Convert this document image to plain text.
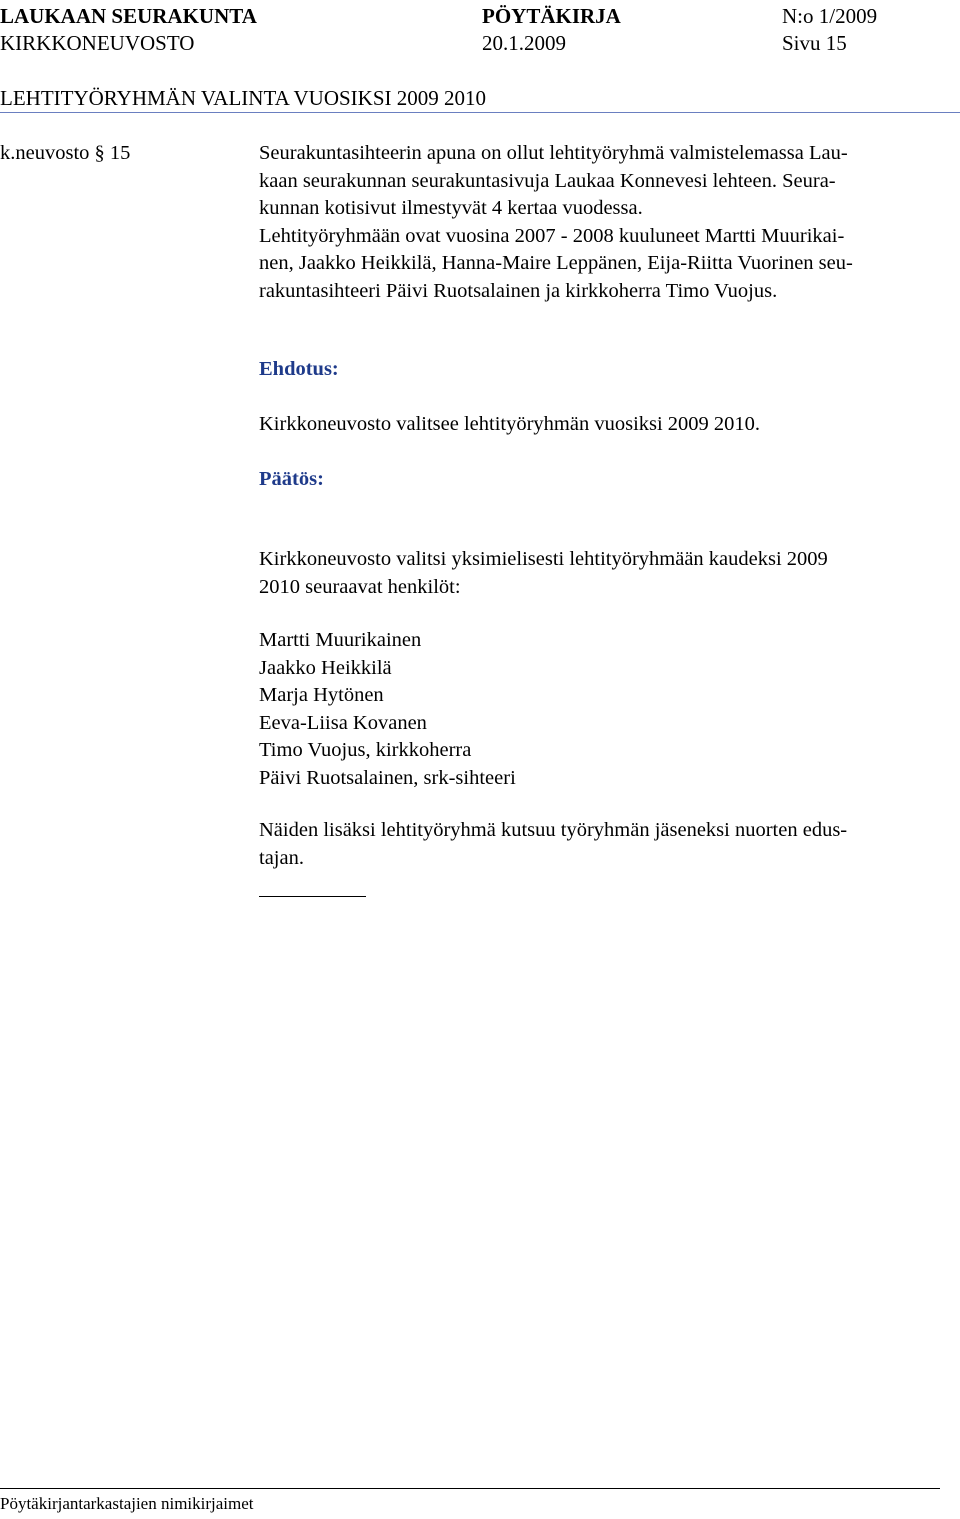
LAUKAAN SEURAKUNTA	PÖYTÄKIRJA	N:o 1/2009
KIRKKONEUVOSTO	20.1.2009	Sivu 15
LEHTITYÖRYHMÄN VALINTA VUOSIKSI 2009 2010
k.neuvosto § 15	Seurakuntasihteerin apuna on ollut lehtityöryhmä valmistelemassa Lau-
kaan seurakunnan seurakuntasivuja Laukaa Konnevesi lehteen. Seura-
kunnan kotisivut ilmestyvät 4 kertaa vuodessa.
Lehtityöryhmään ovat vuosina 2007 - 2008 kuuluneet Martti Muurikai-
nen, Jaakko Heikkilä, Hanna-Maire Leppänen, Eija-Riitta Vuorinen seu-
rakuntasihteeri Päivi Ruotsalainen ja kirkkoherra Timo Vuojus.
Ehdotus:
Kirkkoneuvosto valitsee lehtityöryhmän vuosiksi 2009 2010.
Päätös:
Kirkkoneuvosto valitsi yksimielisesti lehtityöryhmään kaudeksi 2009
2010 seuraavat henkilöt:
Martti Muurikainen
Jaakko Heikkilä
Marja Hytönen
Eeva-Liisa Kovanen
Timo Vuojus, kirkkoherra
Päivi Ruotsalainen, srk-sihteeri
Näiden lisäksi lehtityöryhmä kutsuu työryhmän jäseneksi nuorten edus-
tajan.
Pöytäkirjantarkastajien nimikirjaimet
